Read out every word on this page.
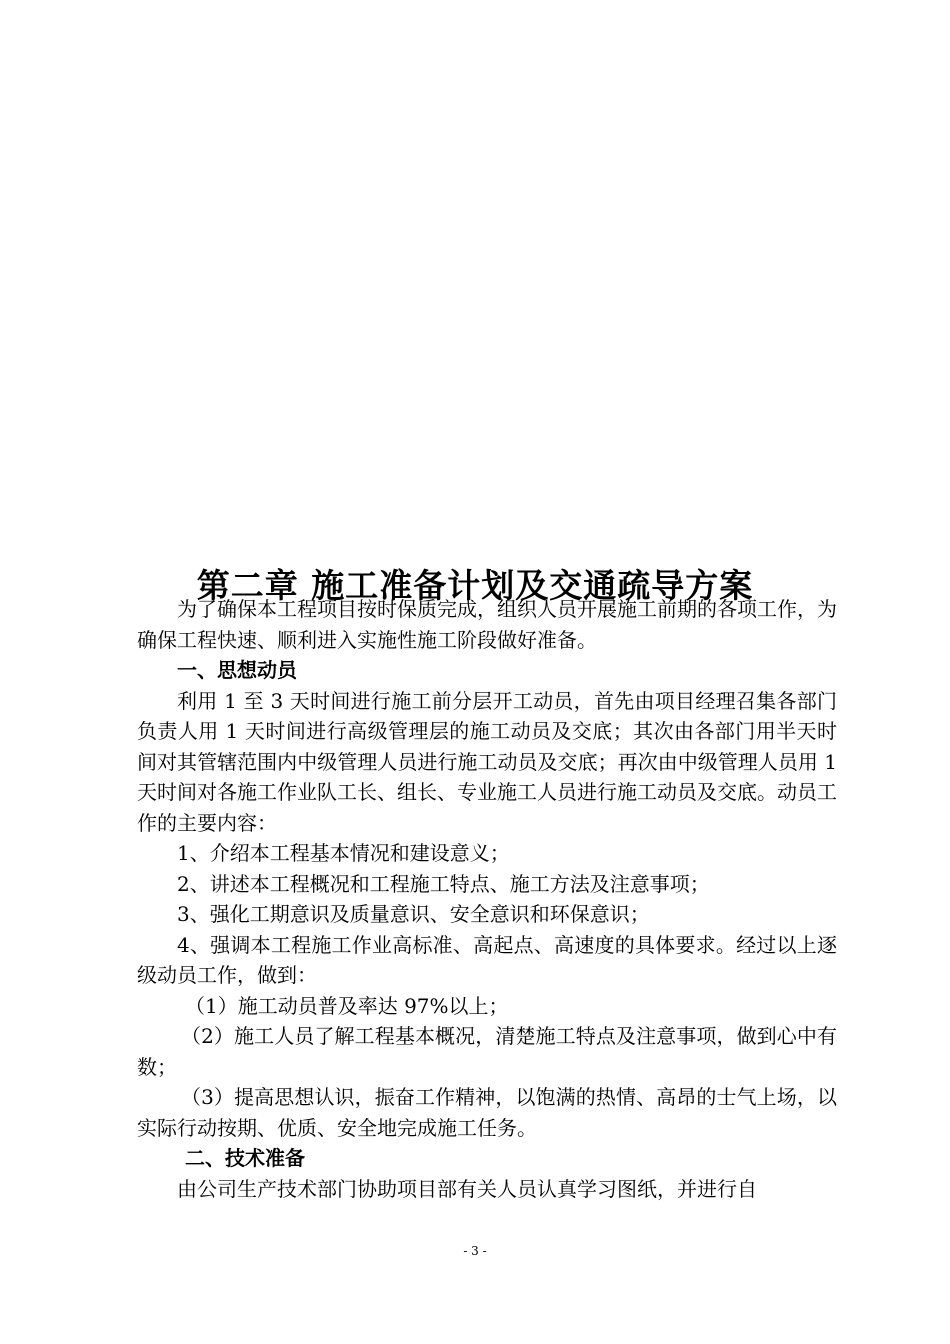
第二章 施工准备计划及交通疏导方案

为了确保本工程项目按时保质完成，组织人员开展施工前期的各项工作，为确保工程快速、顺利进入实施性施工阶段做好准备。

一、思想动员

利用 1 至 3 天时间进行施工前分层开工动员，首先由项目经理召集各部门负责人用 1 天时间进行高级管理层的施工动员及交底；其次由各部门用半天时间对其管辖范围内中级管理人员进行施工动员及交底；再次由中级管理人员用 1 天时间对各施工作业队工长、组长、专业施工人员进行施工动员及交底。动员工作的主要内容：

1、介绍本工程基本情况和建设意义；

2、讲述本工程概况和工程施工特点、施工方法及注意事项；

3、强化工期意识及质量意识、安全意识和环保意识；

4、强调本工程施工作业高标准、高起点、高速度的具体要求。经过以上逐级动员工作，做到：

（1）施工动员普及率达 97%以上；

（2）施工人员了解工程基本概况，清楚施工特点及注意事项，做到心中有数；

（3）提高思想认识，振奋工作精神，以饱满的热情、高昂的士气上场，以实际行动按期、优质、安全地完成施工任务。

二、技术准备

由公司生产技术部门协助项目部有关人员认真学习图纸，并进行自

- 3 -
